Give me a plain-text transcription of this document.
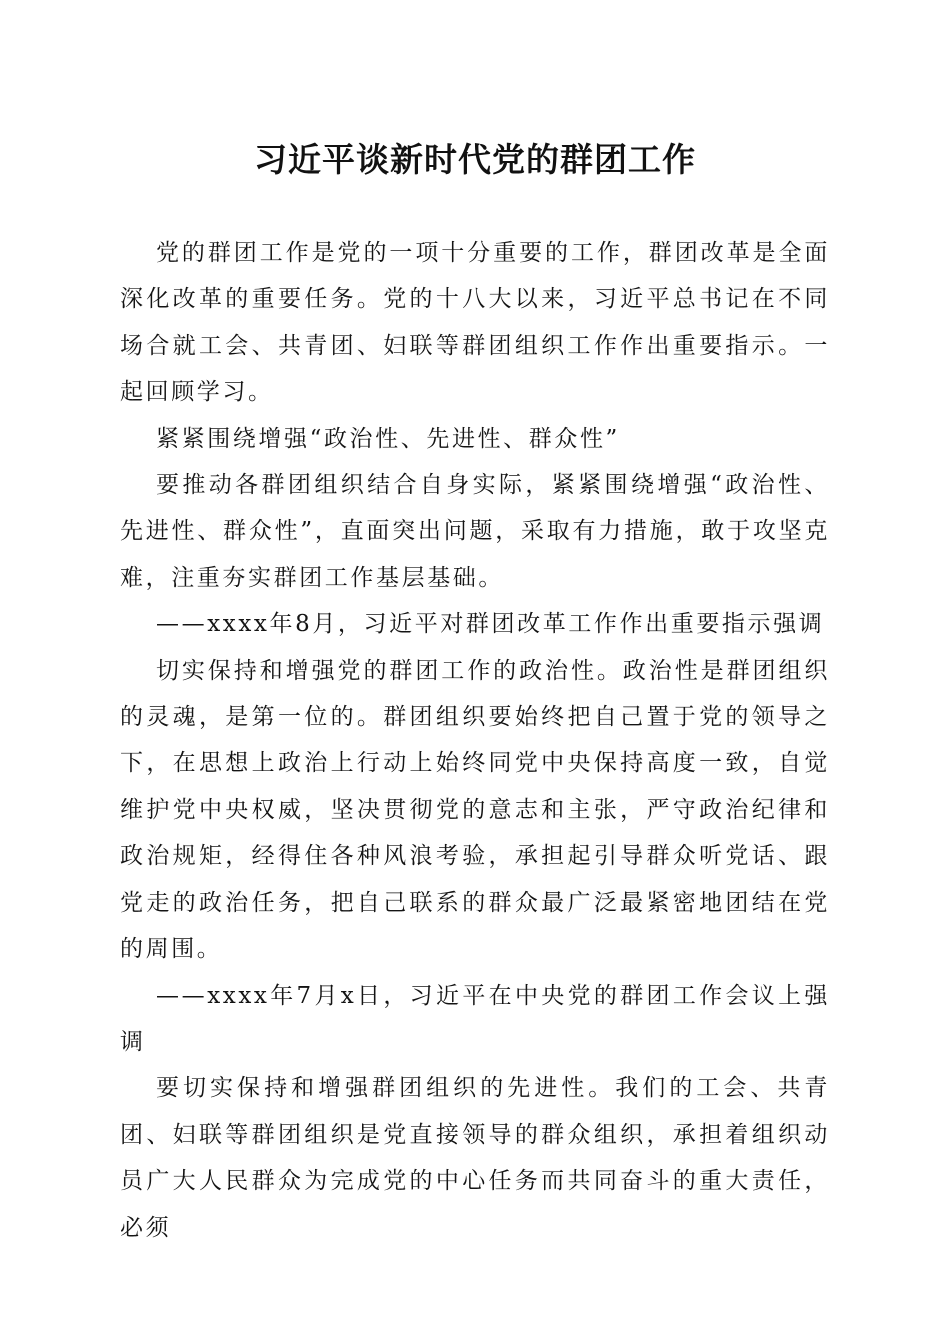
习近平谈新时代党的群团工作

党的群团工作是党的一项十分重要的工作，群团改革是全面深化改革的重要任务。党的十八大以来，习近平总书记在不同场合就工会、共青团、妇联等群团组织工作作出重要指示。一起回顾学习。

紧紧围绕增强“政治性、先进性、群众性”

要推动各群团组织结合自身实际，紧紧围绕增强“政治性、先进性、群众性”，直面突出问题，采取有力措施，敢于攻坚克难，注重夯实群团工作基层基础。

——xxxx年8月，习近平对群团改革工作作出重要指示强调

切实保持和增强党的群团工作的政治性。政治性是群团组织的灵魂，是第一位的。群团组织要始终把自己置于党的领导之下，在思想上政治上行动上始终同党中央保持高度一致，自觉维护党中央权威，坚决贯彻党的意志和主张，严守政治纪律和政治规矩，经得住各种风浪考验，承担起引导群众听党话、跟党走的政治任务，把自己联系的群众最广泛最紧密地团结在党的周围。

——xxxx年7月x日，习近平在中央党的群团工作会议上强调

要切实保持和增强群团组织的先进性。我们的工会、共青团、妇联等群团组织是党直接领导的群众组织，承担着组织动员广大人民群众为完成党的中心任务而共同奋斗的重大责任，必须
